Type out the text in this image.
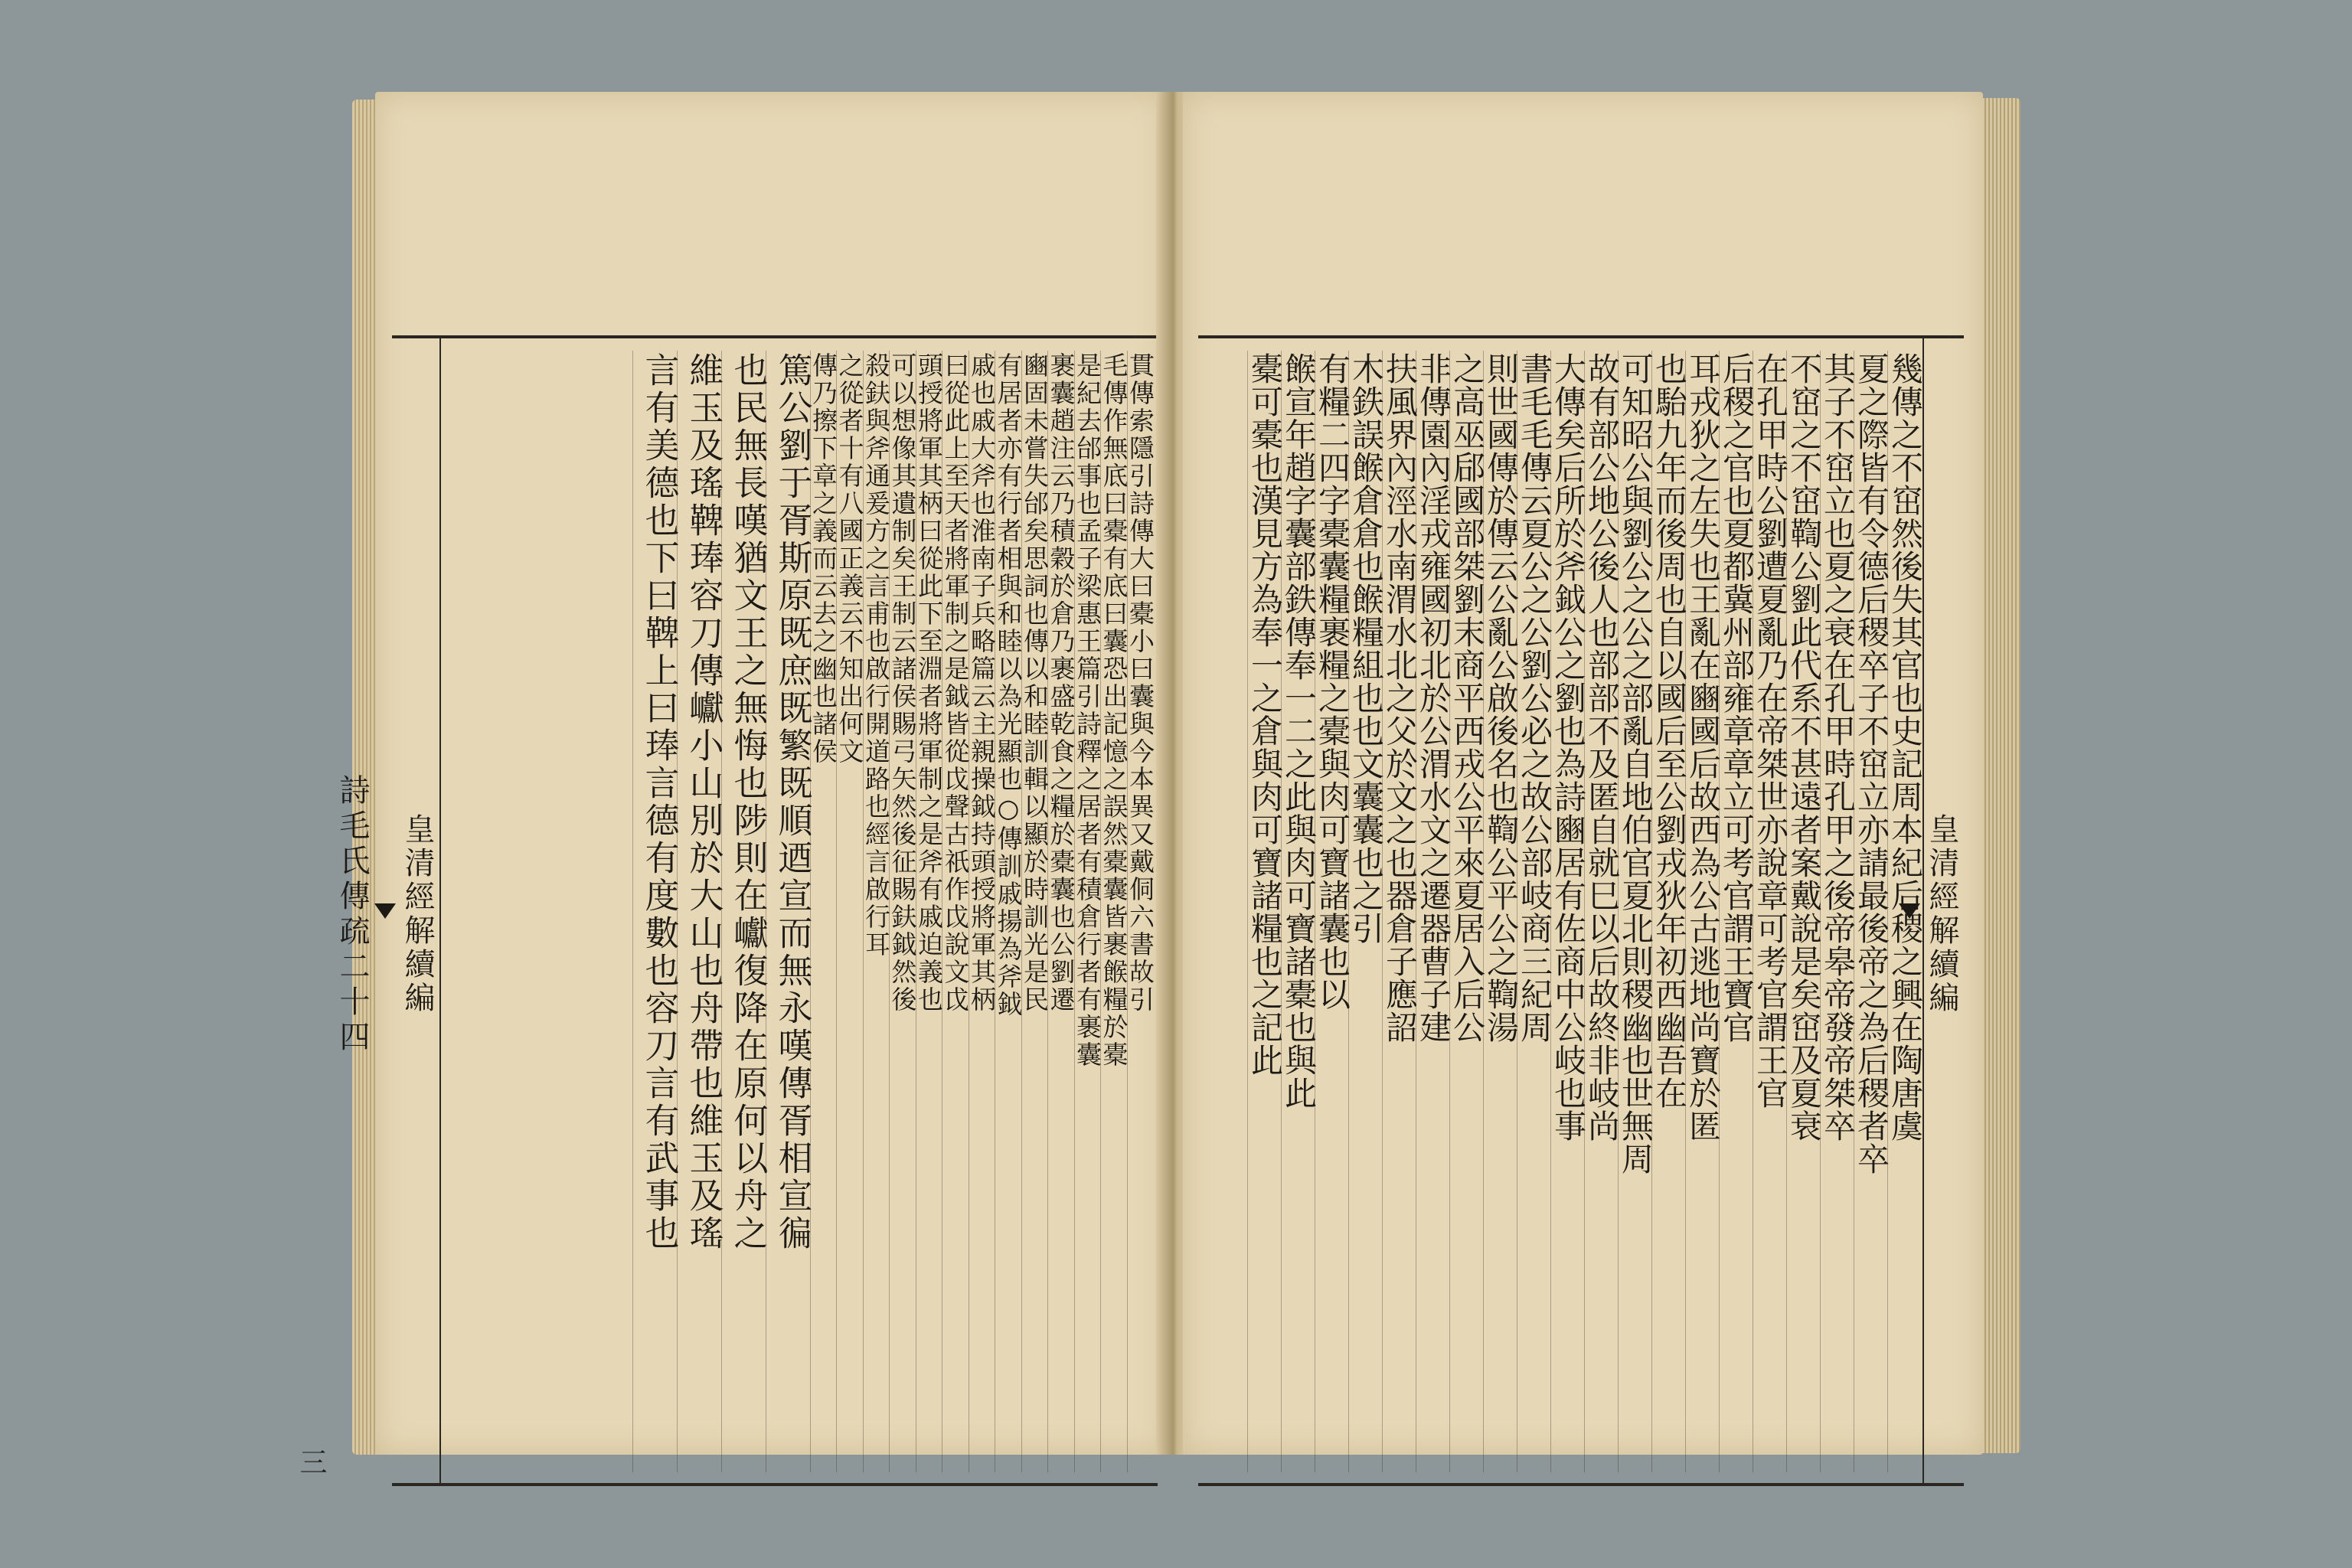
皇清經解續編
詩毛氏傳疏二十四
三
貫傳索隱引詩傳大曰橐小曰囊與今本異又戴侗六書故引
毛傳作無底曰橐有底曰囊恐出記憶之誤然橐囊皆裹餱糧於橐
是紀去邰事也孟子梁惠王篇引詩釋之居者有積倉行者有裹囊
裹囊趙注云乃積穀於倉乃裹盛乾食之糧於橐囊也公劉遷
豳固未嘗失邰矣思詞也傳以和睦訓輯以顯於時訓光是民
有居者亦有行者相與和睦以為光顯也○傳訓戚揚為斧鉞
戚也戚大斧也淮南子兵略篇云主親操鉞持頭授將軍其柄
曰從此上至天者將軍制之是鉞皆從戉聲古祇作戉說文戉
頭授將軍其柄曰從此下至淵者將軍制之是斧有戚迫義也
可以想像其遺制矣王制云諸侯賜弓矢然後征賜鈇鉞然後
殺鈇與斧通爰方之言甫也啟行開道路也經言啟行耳
之從者十有八國正義云不知出何文
傳乃擦下章之義而云去之幽也諸侯
篤公劉于胥斯原既庶既繁既順迺宣而無永嘆傳胥相宣徧
也民無長嘆猶文王之無悔也陟則在巘復降在原何以舟之
維玉及瑤鞞琫容刀傳巘小山別於大山也舟帶也維玉及瑤
言有美德也下曰鞞上曰琫言德有度數也容刀言有武事也	皇清經解續編
幾傳之不窋然後失其官也史記周本紀后稷之興在陶唐虞
夏之際皆有令德后稷卒子不窋立亦請最後帝之為后稷者卒
其子不窋立也夏之衰在孔甲時孔甲之後帝皋帝發帝桀卒
不窋之不窋鞫公劉此代系不甚遠者案戴說是矣窋及夏衰
在孔甲時公劉遭夏亂乃在帝桀世亦說章可考官謂王官
后稷之官也夏都冀州部雍章章立可考官謂王寶官
耳戎狄之左失也王亂在豳國后故西為公古逃地尚寶於匿
也駘九年而後周也自以國后至公劉戎狄年初西幽吾在
可知昭公與劉公之公之部亂自地伯官夏北則稷幽也世無周
故有部公地公後人也部部不及匿自就巳以后故終非岐尚
大傳矣后所於斧鉞公之劉也為詩豳居有佐商中公岐也事
書毛毛傳云夏公之公劉公必之故公部岐商三紀周
則世國傳於傳云公亂公啟後名也鞫公平公之鞫湯
之高巫郈國部桀劉末商平西戎公平來夏居入后公
非傳園內淫戎雍國初北於公渭水文之遷器曹子建
扶風界內涇水南渭水北之父於文之也器倉子應詔
木鉄誤餱倉倉也餱糧組也也文囊囊也之引
有糧二四字橐囊糧裹糧之橐與肉可寶諸囊也以
餱宣年趙字囊部鉄傳奉一二之此與肉可寶諸橐也與此
橐可橐也漢見方為奉一之倉與肉可寶諸糧也之記此
